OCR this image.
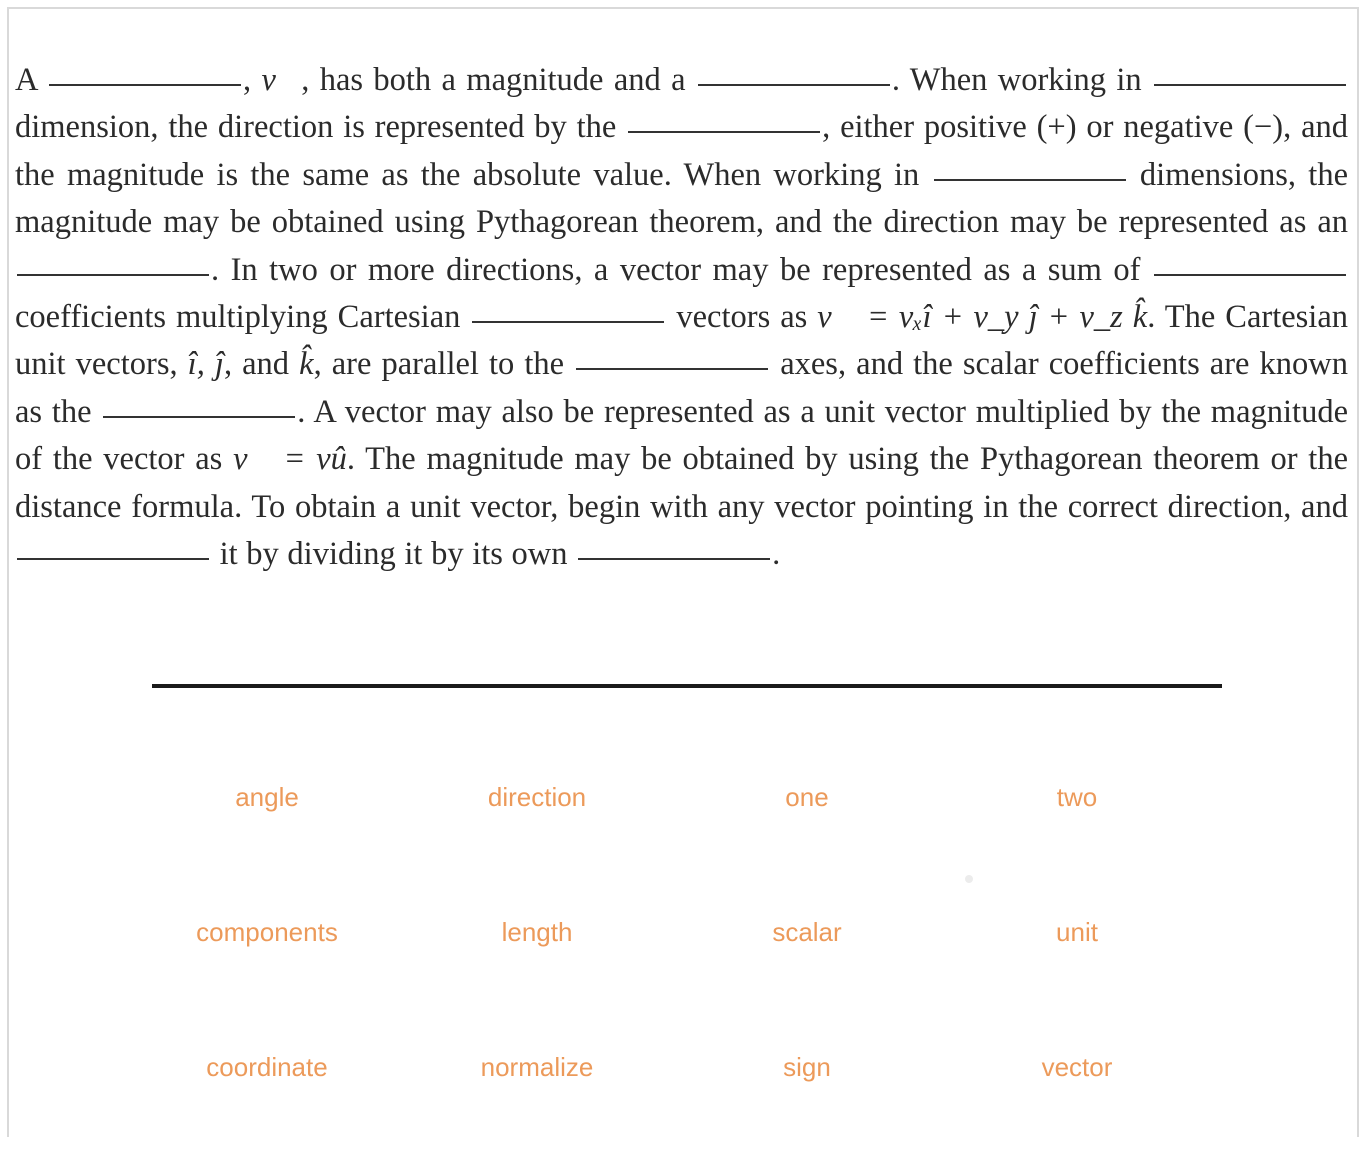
A	, v⃗, has both a magnitude and a	. When working in  dimension, the direction is represented by the	, either positive (+) or negative (−), and the magnitude is the same as the absolute value. When working in	dimensions, the magnitude may be obtained using Pythagorean theorem, and the direction may be represented as an . In two or more directions, a vector may be represented as a sum of  coefficients multiplying Cartesian	vectors as v⃗ = vₓî + v_y ĵ + v_z k̂. The Cartesian unit vectors, î, ĵ, and k̂, are parallel to the	axes, and the scalar coefficients are known as the	. A vector may also be represented as a unit vector multiplied by the magnitude of the vector as v⃗ = vû. The magnitude may be obtained by using the Pythagorean theorem or the distance formula. To obtain a unit vector, begin with any vector pointing in the correct direction, and  it by dividing it by its own	.
angle	direction	one	two
components	length	scalar	unit
coordinate	normalize	sign	vector
